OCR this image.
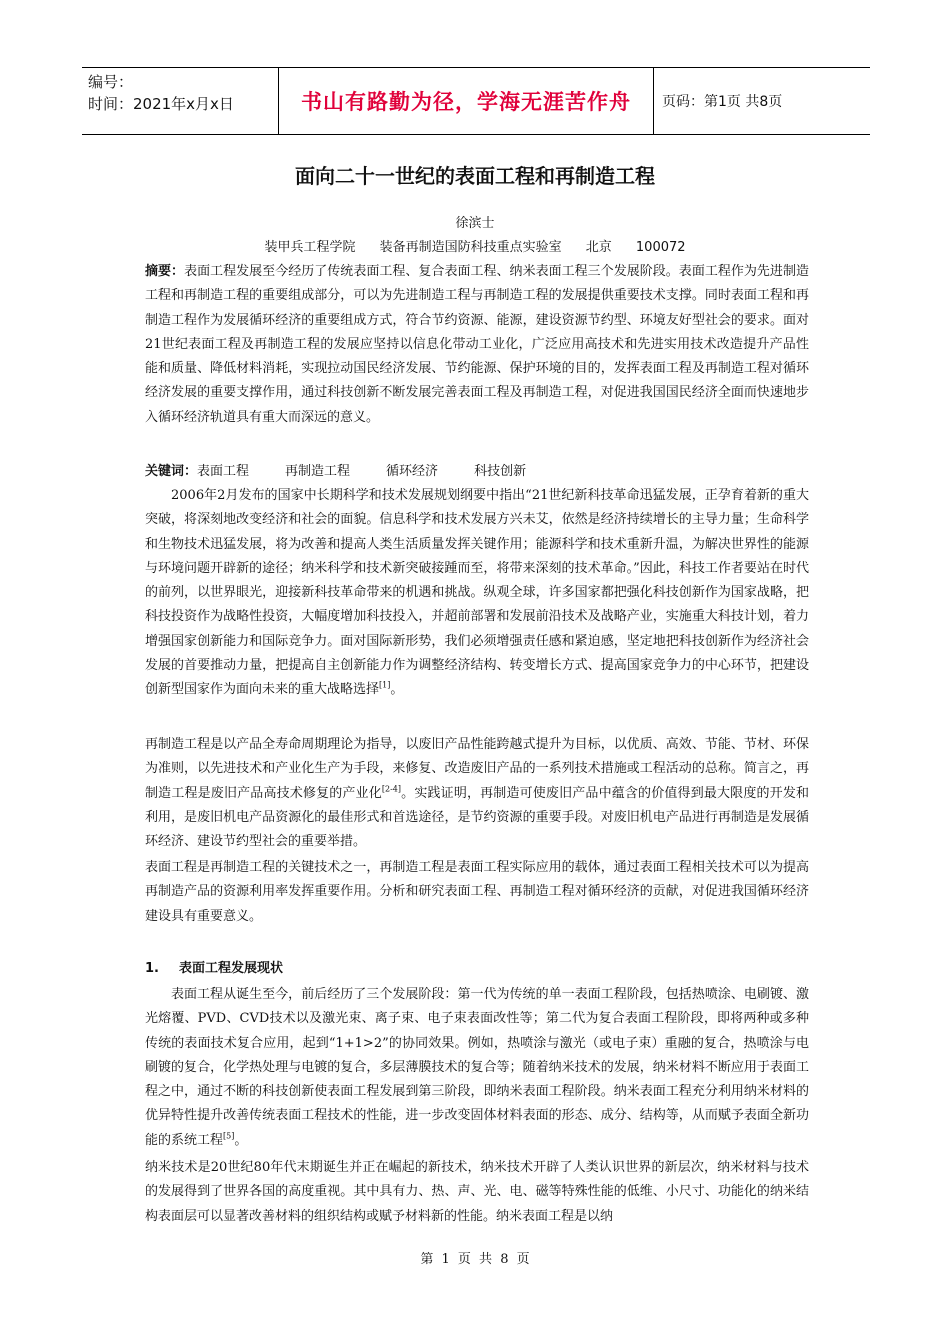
编号：
时间：2021年x月x日	书山有路勤为径，学海无涯苦作舟 页码：第1页 共8页
面向二十一世纪的表面工程和再制造工程
徐滨士
装甲兵工程学院 装备再制造国防科技重点实验室 北京 100072
摘要：表面工程发展至今经历了传统表面工程、复合表面工程、纳米表面工程三个发展阶段。表面工程作为先进制造工程和再制造工程的重要组成部分，可以为先进制造工程与再制造工程的发展提供重要技术支撑。同时表面工程和再制造工程作为发展循环经济的重要组成方式，符合节约资源、能源，建设资源节约型、环境友好型社会的要求。面对21世纪表面工程及再制造工程的发展应坚持以信息化带动工业化，广泛应用高技术和先进实用技术改造提升产品性能和质量、降低材料消耗，实现拉动国民经济发展、节约能源、保护环境的目的，发挥表面工程及再制造工程对循环经济发展的重要支撑作用，通过科技创新不断发展完善表面工程及再制造工程，对促进我国国民经济全面而快速地步入循环经济轨道具有重大而深远的意义。
关键词：表面工程	再制造工程	循环经济	科技创新
2006年2月发布的国家中长期科学和技术发展规划纲要中指出“21世纪新科技革命迅猛发展，正孕育着新的重大突破，将深刻地改变经济和社会的面貌。信息科学和技术发展方兴未艾，依然是经济持续增长的主导力量；生命科学和生物技术迅猛发展，将为改善和提高人类生活质量发挥关键作用；能源科学和技术重新升温，为解决世界性的能源与环境问题开辟新的途径；纳米科学和技术新突破接踵而至，将带来深刻的技术革命。”因此，科技工作者要站在时代的前列，以世界眼光，迎接新科技革命带来的机遇和挑战。纵观全球，许多国家都把强化科技创新作为国家战略，把科技投资作为战略性投资，大幅度增加科技投入，并超前部署和发展前沿技术及战略产业，实施重大科技计划，着力增强国家创新能力和国际竞争力。面对国际新形势，我们必须增强责任感和紧迫感，坚定地把科技创新作为经济社会发展的首要推动力量，把提高自主创新能力作为调整经济结构、转变增长方式、提高国家竞争力的中心环节，把建设创新型国家作为面向未来的重大战略选择[1]。
再制造工程是以产品全寿命周期理论为指导，以废旧产品性能跨越式提升为目标，以优质、高效、节能、节材、环保为准则，以先进技术和产业化生产为手段，来修复、改造废旧产品的一系列技术措施或工程活动的总称。简言之，再制造工程是废旧产品高技术修复的产业化[2-4]。实践证明，再制造可使废旧产品中蕴含的价值得到最大限度的开发和利用，是废旧机电产品资源化的最佳形式和首选途径，是节约资源的重要手段。对废旧机电产品进行再制造是发展循环经济、建设节约型社会的重要举措。
表面工程是再制造工程的关键技术之一，再制造工程是表面工程实际应用的载体，通过表面工程相关技术可以为提高再制造产品的资源利用率发挥重要作用。分析和研究表面工程、再制造工程对循环经济的贡献，对促进我国循环经济建设具有重要意义。
1. 表面工程发展现状
表面工程从诞生至今，前后经历了三个发展阶段：第一代为传统的单一表面工程阶段，包括热喷涂、电刷镀、激光熔覆、PVD、CVD技术以及激光束、离子束、电子束表面改性等；第二代为复合表面工程阶段，即将两种或多种传统的表面技术复合应用，起到“1+1>2”的协同效果。例如，热喷涂与激光（或电子束）重融的复合，热喷涂与电刷镀的复合，化学热处理与电镀的复合，多层薄膜技术的复合等；随着纳米技术的发展，纳米材料不断应用于表面工程之中，通过不断的科技创新使表面工程发展到第三阶段，即纳米表面工程阶段。纳米表面工程充分利用纳米材料的优异特性提升改善传统表面工程技术的性能，进一步改变固体材料表面的形态、成分、结构等，从而赋予表面全新功能的系统工程[5]。
纳米技术是20世纪80年代末期诞生并正在崛起的新技术，纳米技术开辟了人类认识世界的新层次，纳米材料与技术的发展得到了世界各国的高度重视。其中具有力、热、声、光、电、磁等特殊性能的低维、小尺寸、功能化的纳米结构表面层可以显著改善材料的组织结构或赋予材料新的性能。纳米表面工程是以纳
第 1 页 共 8 页
